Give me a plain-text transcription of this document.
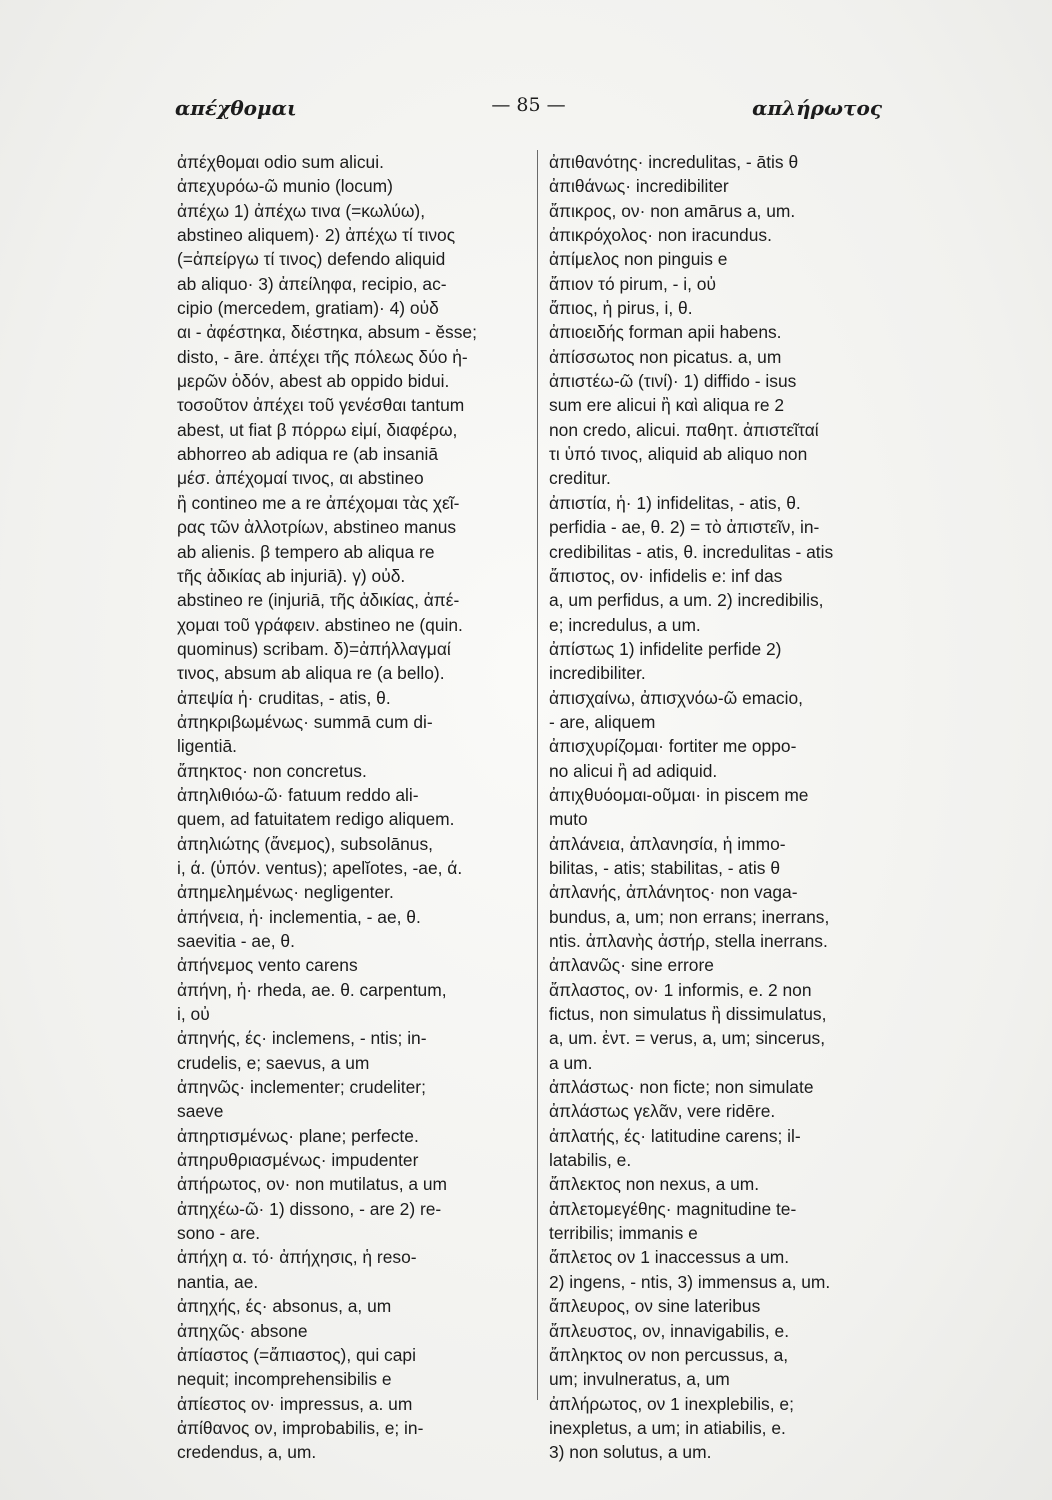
απέχθομαι	— 85 —	απλήρωτος
ἀπέχθομαι odio sum alicui.
ἀπεχυρόω-ῶ munio (locum)
ἀπέχω 1) ἀπέχω τινα (=κωλύω),
abstineo aliquem)· 2) ἀπέχω τί τινος
(=ἀπείργω τί τινος) defendo aliquid
ab aliquo· 3) ἀπείληφα, recipio, ac-
cipio (mercedem, gratiam)· 4) οὐδ
αι - ἀφέστηκα, διέστηκα, absum - ĕsse;
disto, - āre. ἀπέχει τῆς πόλεως δύο ἡ-
μερῶν ὁδόν, abest ab oppido bidui.
τοσοῦτον ἀπέχει τοῦ γενέσθαι tantum
abest, ut fiat β πόρρω εἰμί, διαφέρω,
abhorreo ab adiqua re (ab insaniā
μέσ. ἀπέχομαί τινος, αι abstineo
ἢ contineo me a re ἀπέχομαι τὰς χεῖ-
ρας τῶν ἀλλοτρίων, abstineo manus
ab alienis. β tempero ab aliqua re
τῆς ἀδικίας ab injuriā). γ) οὐδ.
abstineo re (injuriā, τῆς ἀδικίας, ἀπέ-
χομαι τοῦ γράφειν. abstineo ne (quin.
quominus) scribam. δ)=ἀπήλλαγμαί
τινος, absum ab aliqua re (a bello).
ἀπεψία ἡ· cruditas, - atis, θ.
ἀπηκριβωμένως· summā cum di-
ligentiā.
ἄπηκτος· non concretus.
ἀπηλιθιόω-ῶ· fatuum reddo ali-
quem, ad fatuitatem redigo aliquem.
ἀπηλιώτης (ἄνεμος), subsolānus,
i, ά. (ὑπόν. ventus); apelĭotes, -ae, ά.
ἀπημελημένως· negligenter.
ἀπήνεια, ἡ· inclementia, - ae, θ.
saevitia - ae, θ.
ἀπήνεμος vento carens
ἀπήνη, ἡ· rheda, ae. θ. carpentum,
i, οὐ
ἀπηνής, ές· inclemens, - ntis; in-
crudelis, e; saevus, a um
ἀπηνῶς· inclementer; crudeliter;
saeve
ἀπηρτισμένως· plane; perfecte.
ἀπηρυθριασμένως· impudenter
ἀπήρωτος, ον· non mutilatus, a um
ἀπηχέω-ῶ· 1) dissono, - are 2) re-
sono - are.
ἀπήχη α. τό· ἀπήχησις, ἡ reso-
nantia, ae.
ἀπηχής, ές· absonus, a, um
ἀπηχῶς· absone
ἀπίαστος (=ἄπιαστος), qui capi
nequit; incomprehensibilis e
ἀπίεστος ον· impressus, a. um
ἀπίθανος ον, improbabilis, e; in-
credendus, a, um.
ἀπιθανότης· incredulitas, - ātis θ
ἀπιθάνως· incredibiliter
ἄπικρος, ον· non amārus a, um.
ἀπικρόχολος· non iracundus.
ἀπίμελος non pinguis e
ἄπιον τό pirum, - i, οὐ
ἄπιος, ἡ pirus, i, θ.
ἀπιοειδής forman apii habens.
ἀπίσσωτος non picatus. a, um
ἀπιστέω-ῶ (τινί)· 1) diffido - isus
sum ere alicui ἢ καὶ aliqua re 2
non credo, alicui. παθητ. ἀπιστεῖταί
τι ὑπό τινος, aliquid ab aliquo non
creditur.
ἀπιστία, ἡ· 1) infidelitas, - atis, θ.
perfidia - ae, θ. 2) = τὸ ἀπιστεῖν, in-
credibilitas - atis, θ. incredulitas - atis
ἄπιστος, ον· infidelis e: inf das
a, um perfidus, a um. 2) incredibilis,
e; incredulus, a um.
ἀπίστως 1) infidelite perfide 2)
incredibiliter.
ἀπισχαίνω, ἀπισχνόω-ῶ emacio,
- are, aliquem
ἀπισχυρίζομαι· fortiter me oppo-
no alicui ἢ ad adiquid.
ἀπιχθυόομαι-οῦμαι· in piscem me
muto
ἀπλάνεια, ἀπλανησία, ἡ immo-
bilitas, - atis; stabilitas, - atis θ
ἀπλανής, ἀπλάνητος· non vaga-
bundus, a, um; non errans; inerrans,
ntis. ἀπλανὴς ἀστήρ, stella inerrans.
ἀπλανῶς· sine errore
ἄπλαστος, ον· 1 informis, e. 2 non
fictus, non simulatus ἢ dissimulatus,
a, um. ἐντ. = verus, a, um; sincerus,
a um.
ἀπλάστως· non ficte; non simulate
ἀπλάστως γελᾶν, vere ridēre.
ἀπλατής, ές· latitudine carens; il-
latabilis, e.
ἄπλεκτος non nexus, a um.
ἀπλετομεγέθης· magnitudine te-
terribilis; immanis e
ἄπλετος ον 1 inaccessus a um.
2) ingens, - ntis, 3) immensus a, um.
ἄπλευρος, ον sine lateribus
ἄπλευστος, ον, innavigabilis, e.
ἄπληκτος ον non percussus, a,
um; invulneratus, a, um
ἀπλήρωτος, ον 1 inexplebilis, e;
inexpletus, a um; in atiabilis, e.
3) non solutus, a um.
